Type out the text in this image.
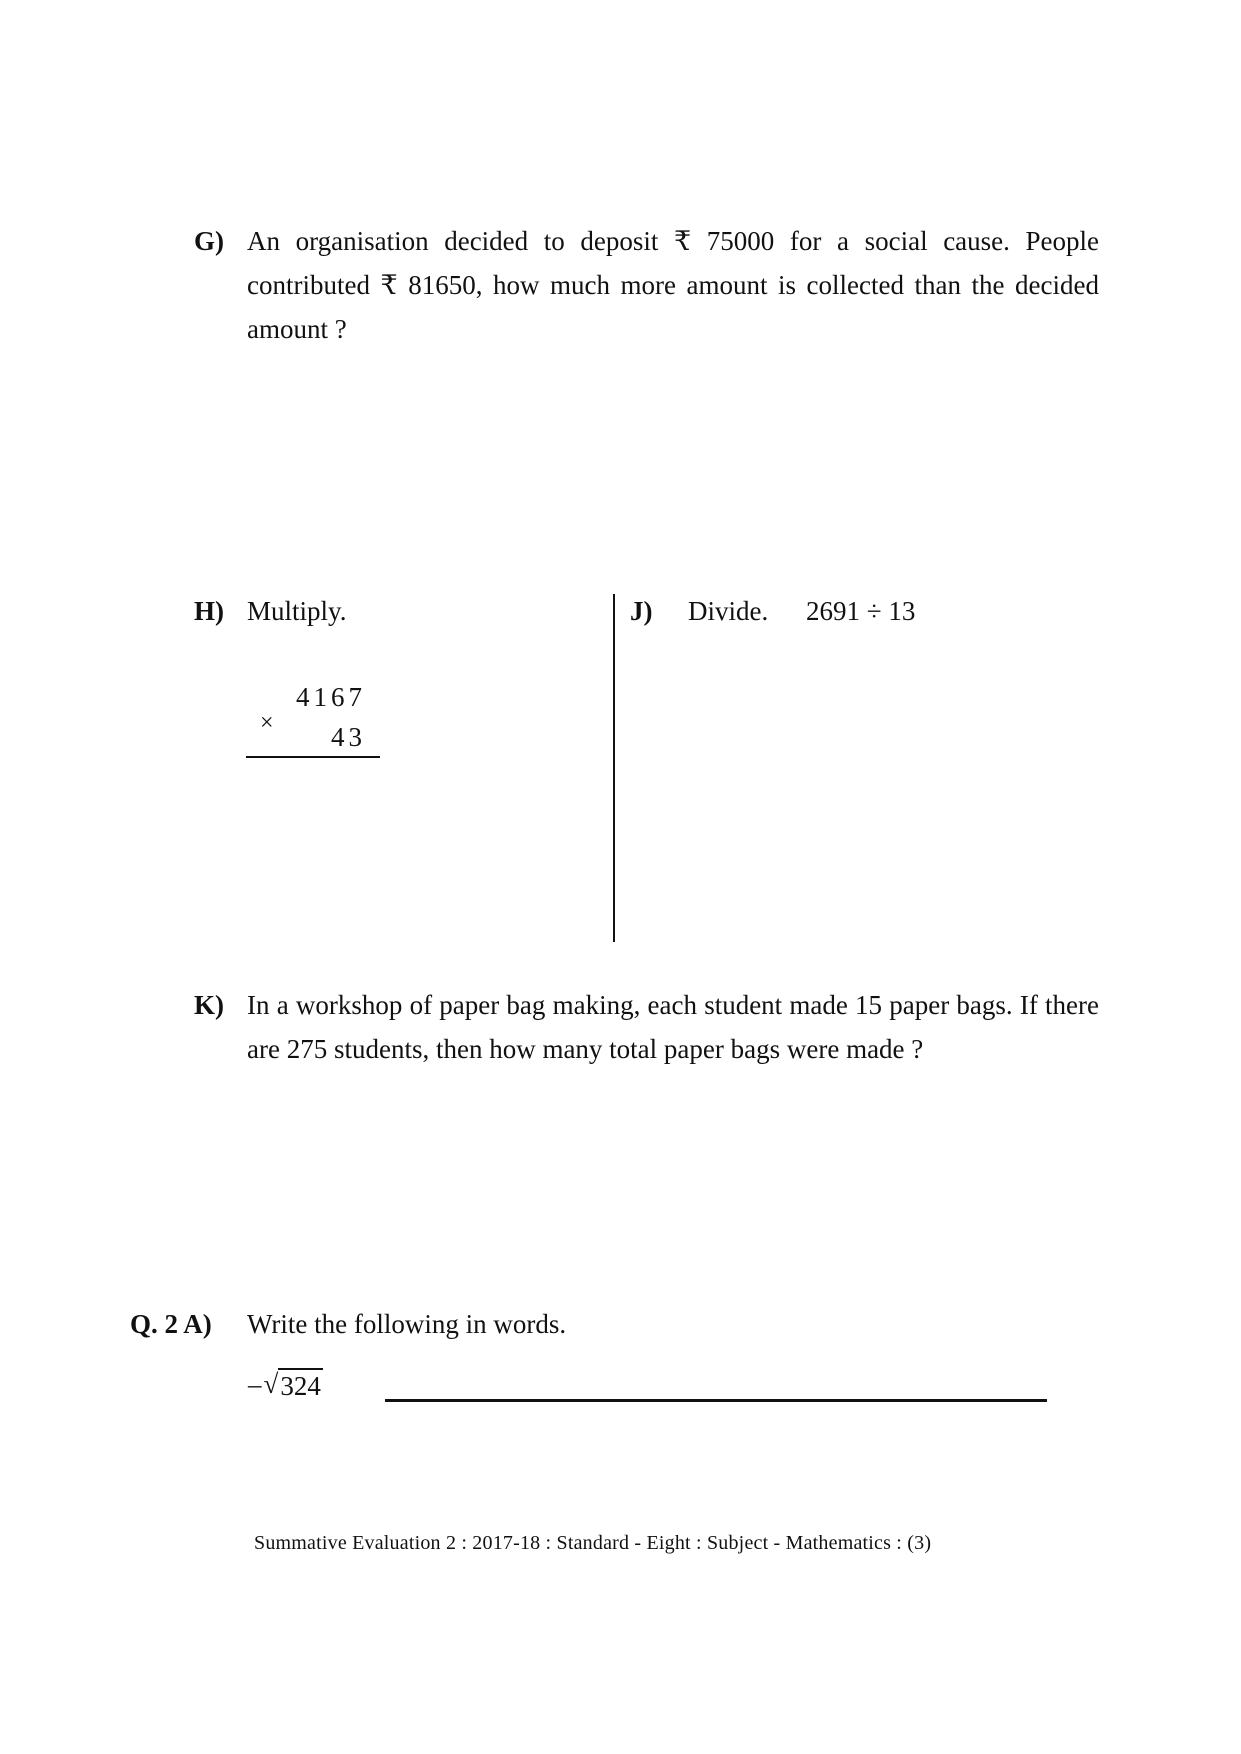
G) An organisation decided to deposit ₹ 75000 for a social cause. People contributed ₹ 81650, how much more amount is collected than the decided amount ?
H) Multiply.
4167
×	43
J) Divide. 2691 ÷ 13
K) In a workshop of paper bag making, each student made 15 paper bags. If there are 275 students, then how many total paper bags were made ?
Q. 2 A) Write the following in words.
–√324
Summative Evaluation 2 : 2017-18 : Standard - Eight : Subject - Mathematics : (3)
